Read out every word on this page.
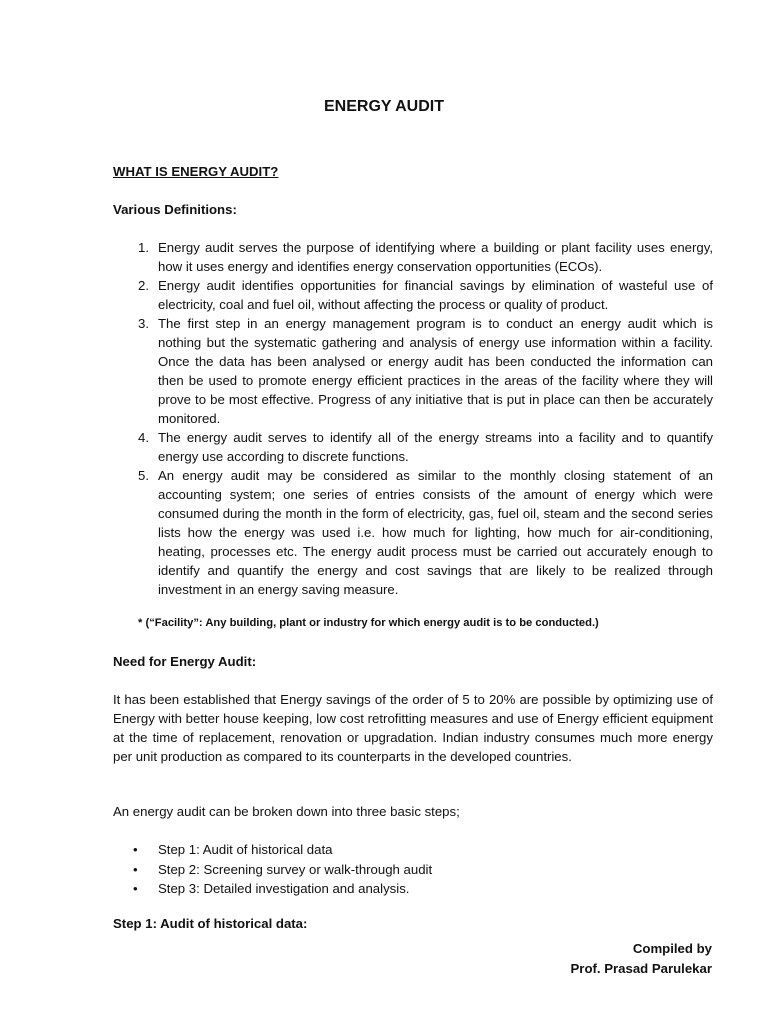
ENERGY AUDIT
WHAT IS ENERGY AUDIT?
Various Definitions:
1. Energy audit serves the purpose of identifying where a building or plant facility uses energy, how it uses energy and identifies energy conservation opportunities (ECOs).
2. Energy audit identifies opportunities for financial savings by elimination of wasteful use of electricity, coal and fuel oil, without affecting the process or quality of product.
3. The first step in an energy management program is to conduct an energy audit which is nothing but the systematic gathering and analysis of energy use information within a facility. Once the data has been analysed or energy audit has been conducted the information can then be used to promote energy efficient practices in the areas of the facility where they will prove to be most effective. Progress of any initiative that is put in place can then be accurately monitored.
4. The energy audit serves to identify all of the energy streams into a facility and to quantify energy use according to discrete functions.
5. An energy audit may be considered as similar to the monthly closing statement of an accounting system; one series of entries consists of the amount of energy which were consumed during the month in the form of electricity, gas, fuel oil, steam and the second series lists how the energy was used i.e. how much for lighting, how much for air-conditioning, heating, processes etc. The energy audit process must be carried out accurately enough to identify and quantify the energy and cost savings that are likely to be realized through investment in an energy saving measure.
* (“Facility”: Any building, plant or industry for which energy audit is to be conducted.)
Need for Energy Audit:
It has been established that Energy savings of the order of 5 to 20% are possible by optimizing use of Energy with better house keeping, low cost retrofitting measures and use of Energy efficient equipment at the time of replacement, renovation or upgradation. Indian industry consumes much more energy per unit production as compared to its counterparts in the developed countries.
An energy audit can be broken down into three basic steps;
•	Step 1: Audit of historical data
•	Step 2: Screening survey or walk-through audit
•	Step 3: Detailed investigation and analysis.
Step 1: Audit of historical data:
Compiled by
Prof. Prasad Parulekar
